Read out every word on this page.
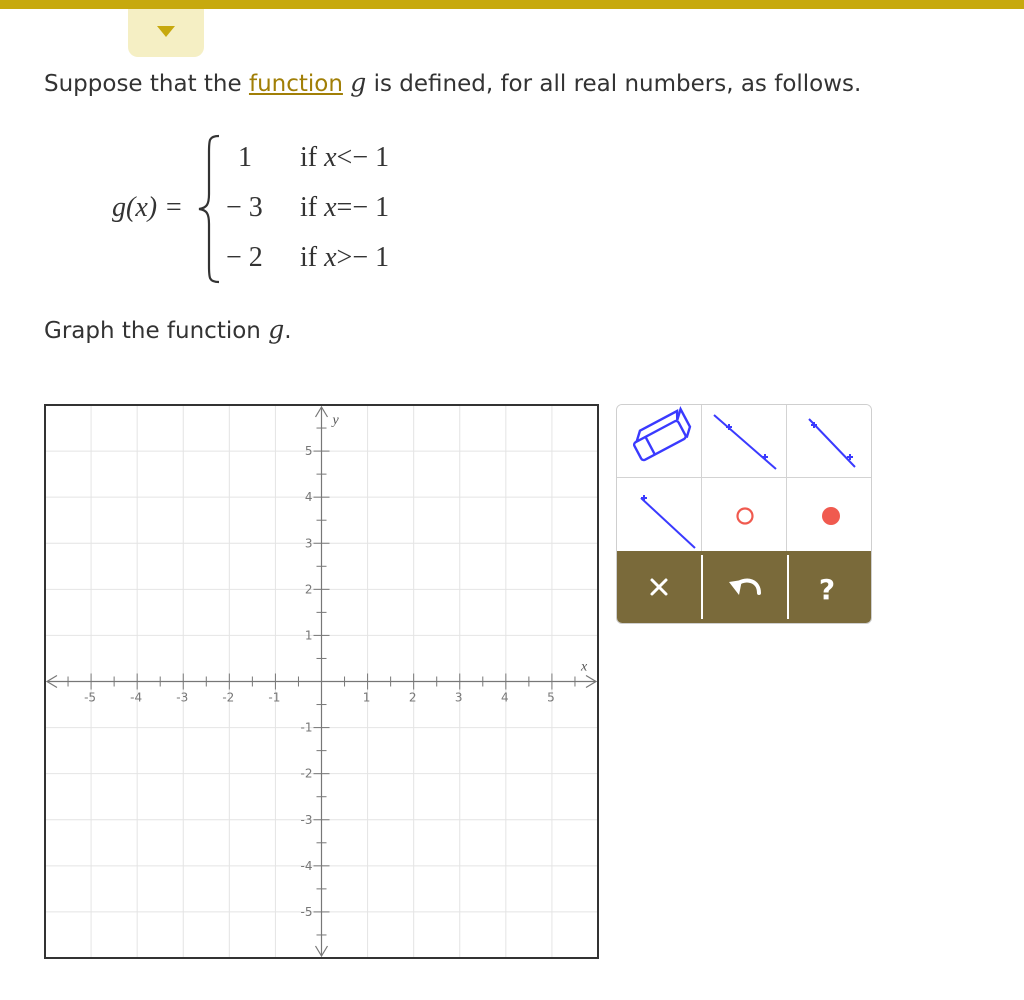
Suppose that the function g is defined, for all real numbers, as follows.
g(x) =
1 if x<− 1
− 3 if x=− 1
− 2 if x>− 1
Graph the function g.
-5	-4	-3	-2	-1	1	2	3	4	5
5
4
3
2
1
-1
-2
-3
-4
-5
x
y
?
